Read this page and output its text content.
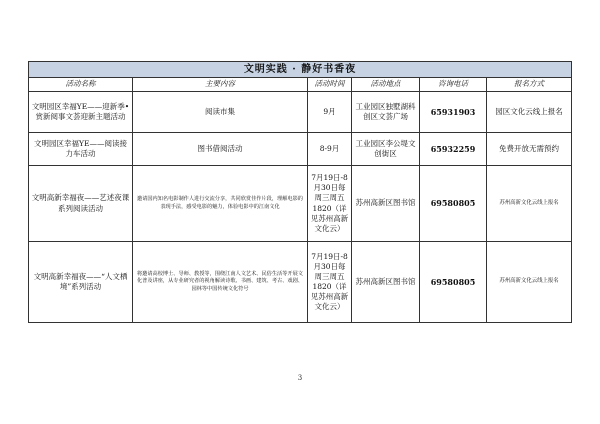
文明实践 · 静好书香夜					
活动名称	主要内容	活动时间	活动地点	咨询电话	报名方式
文明园区幸福YE——迎新季•赏新阅事文荟迎新主题活动	阅读市集	9月	工业园区独墅湖科创区文荟广场	65931903	园区文化云线上报名
文明园区幸福YE——阅读接力车活动	图书借阅活动	8-9月	工业园区李公堤文创街区	65932259	免费开放无需预约
文明高新幸福夜——艺述夜课系列阅读活动	邀请国内知名电影制作人进行交流分享，共同欣赏佳作片段，理解电影的表现手法，感受电影的魅力，体验电影中的江南文化	7月19日-8月30日每周三周五1820（详见苏州高新文化云）	苏州高新区图书馆	69580805	苏州高新文化云线上报名
文明高新幸福夜——“人文栖境”系列活动	将邀请高校博士、导师、教授等，围绕江南人文艺术、民俗生活等开展文化普及讲座，从专业研究者的视角解读诗歌、书画、建筑、考古、戏剧、园林等中国传统文化符号	7月19日-8月30日每周三周五1820（详见苏州高新文化云）	苏州高新区图书馆	69580805	苏州高新文化云线上报名
3
